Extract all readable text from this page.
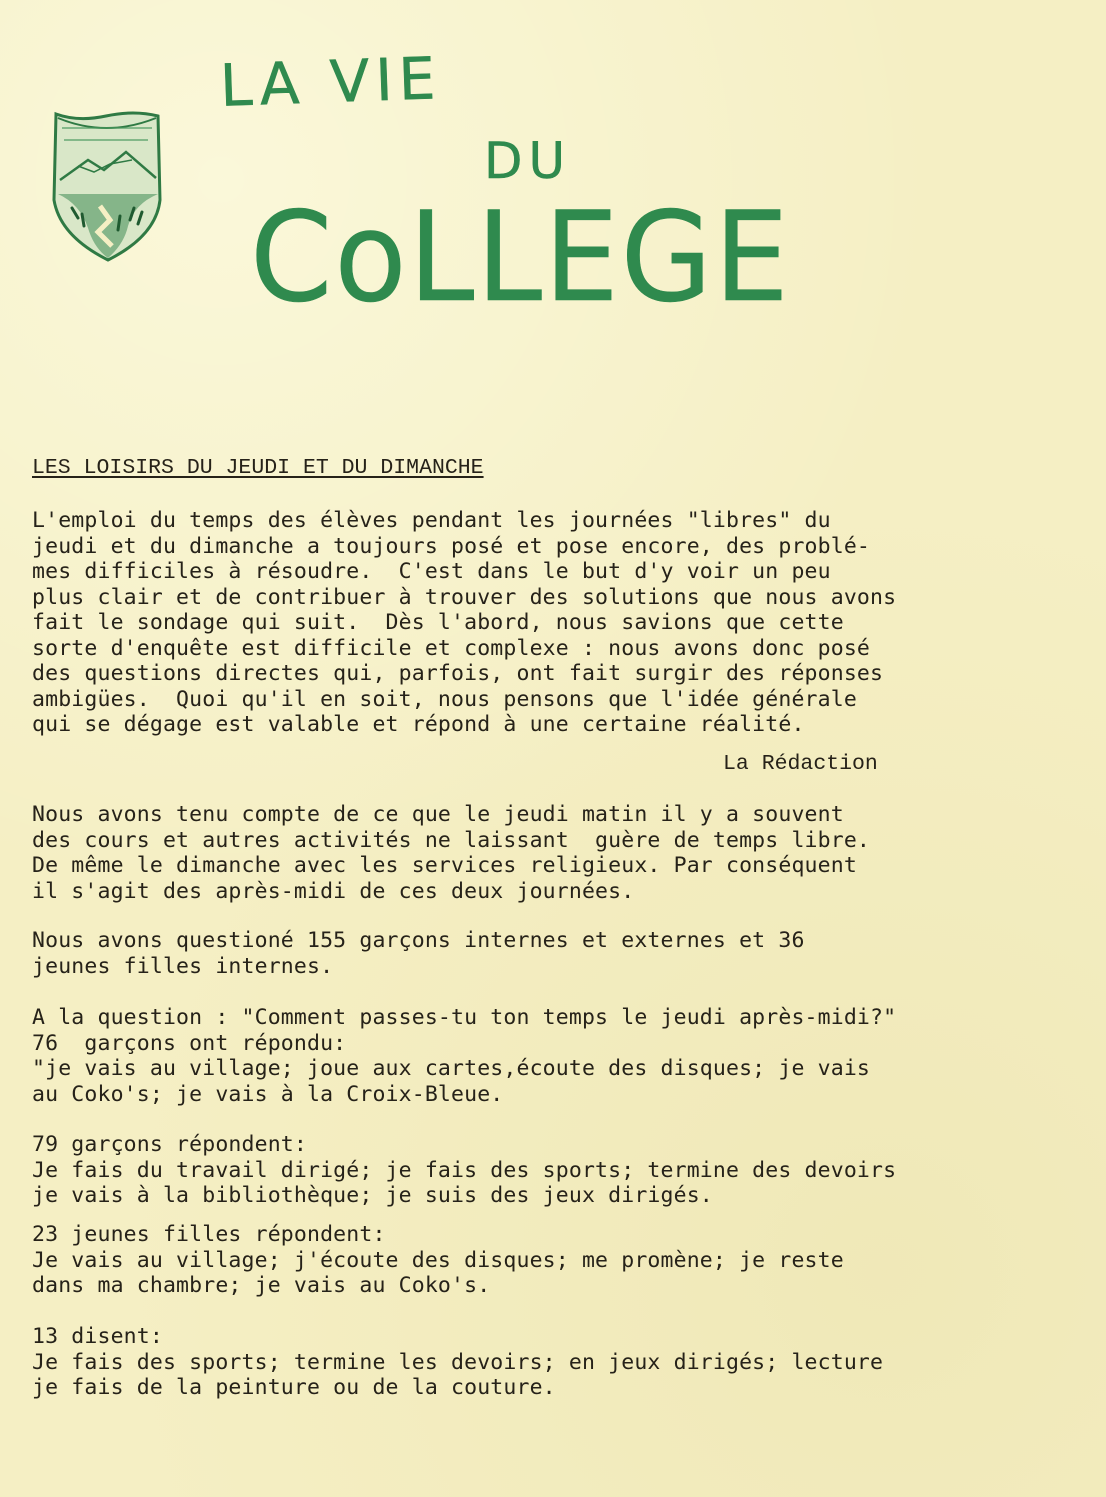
LA VIE
DU
CoLLEGE
LES LOISIRS DU JEUDI ET DU DIMANCHE
L'emploi du temps des élèves pendant les journées "libres" du
jeudi et du dimanche a toujours posé et pose encore, des problé-
mes difficiles à résoudre.  C'est dans le but d'y voir un peu
plus clair et de contribuer à trouver des solutions que nous avons
fait le sondage qui suit.  Dès l'abord, nous savions que cette
sorte d'enquête est difficile et complexe : nous avons donc posé
des questions directes qui, parfois, ont fait surgir des réponses
ambigües.  Quoi qu'il en soit, nous pensons que l'idée générale
qui se dégage est valable et répond à une certaine réalité.
La Rédaction
Nous avons tenu compte de ce que le jeudi matin il y a souvent
des cours et autres activités ne laissant  guère de temps libre.
De même le dimanche avec les services religieux. Par conséquent
il s'agit des après-midi de ces deux journées.
Nous avons questioné 155 garçons internes et externes et 36
jeunes filles internes.
A la question : "Comment passes-tu ton temps le jeudi après-midi?"
76  garçons ont répondu:
"je vais au village; joue aux cartes,écoute des disques; je vais
au Coko's; je vais à la Croix-Bleue.
79 garçons répondent:
Je fais du travail dirigé; je fais des sports; termine des devoirs
je vais à la bibliothèque; je suis des jeux dirigés.
23 jeunes filles répondent:
Je vais au village; j'écoute des disques; me promène; je reste
dans ma chambre; je vais au Coko's.
13 disent:
Je fais des sports; termine les devoirs; en jeux dirigés; lecture
je fais de la peinture ou de la couture.
